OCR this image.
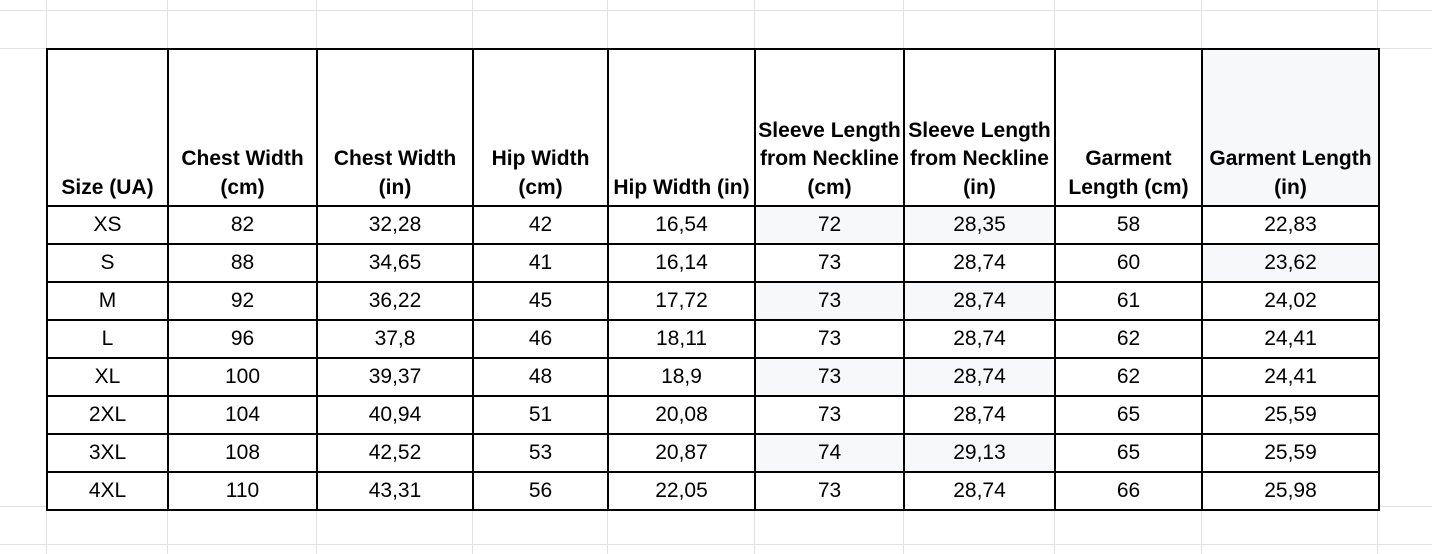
Size (UA)	Chest Width (cm)	Chest Width (in)	Hip Width (cm)	Hip Width (in)	Sleeve Length from Neckline (cm)	Sleeve Length from Neckline (in)	Garment Length (cm)	Garment Length (in)
XS	82	32,28	42	16,54	72	28,35	58	22,83
S	88	34,65	41	16,14	73	28,74	60	23,62
M	92	36,22	45	17,72	73	28,74	61	24,02
L	96	37,8	46	18,11	73	28,74	62	24,41
XL	100	39,37	48	18,9	73	28,74	62	24,41
2XL	104	40,94	51	20,08	73	28,74	65	25,59
3XL	108	42,52	53	20,87	74	29,13	65	25,59
4XL	110	43,31	56	22,05	73	28,74	66	25,98
